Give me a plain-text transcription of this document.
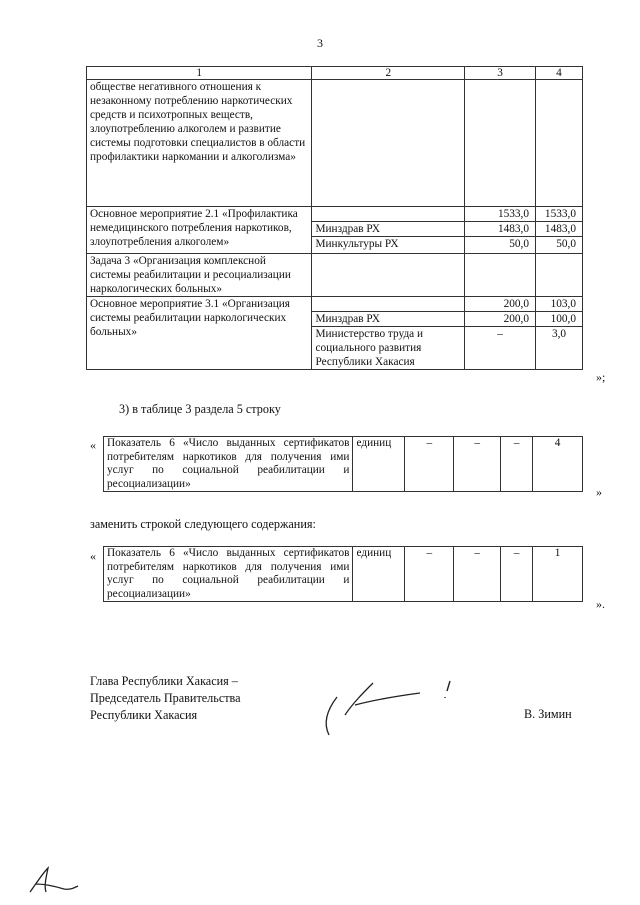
3
1	2	3	4
обществе негативного отношения к незаконному потреблению наркотических средств и психотропных веществ, злоупотреблению алкоголем и развитие системы подготовки специалистов в области профилактики наркомании и алкоголизма»			
Основное мероприятие 2.1 «Профилактика немедицинского потребления наркотиков, злоупотребления алкоголем»		1533,0	1533,0
	Минздрав РХ	1483,0	1483,0
	Минкультуры РХ	50,0	50,0
Задача 3 «Организация комплексной системы реабилитации и ресоциализации наркологических больных»			
Основное мероприятие 3.1 «Организация системы реабилитации наркологических больных»		200,0	103,0
	Минздрав РХ	200,0	100,0
	Министерство труда и социального развития Республики Хакасия	–	3,0
»;
3) в таблице 3 раздела 5 строку
« Показатель 6 «Число выданных сертификатов потребителям наркотиков для получения ими услуг по социальной реабилитации и ресоциализации»	единиц	–	–	–	4
»
заменить строкой следующего содержания:
« Показатель 6 «Число выданных сертификатов потребителям наркотиков для получения ими услуг по социальной реабилитации и ресоциализации»	единиц	–	–	–	1
».
Глава Республики Хакасия –
Председатель Правительства
Республики Хакасия	В. Зимин
